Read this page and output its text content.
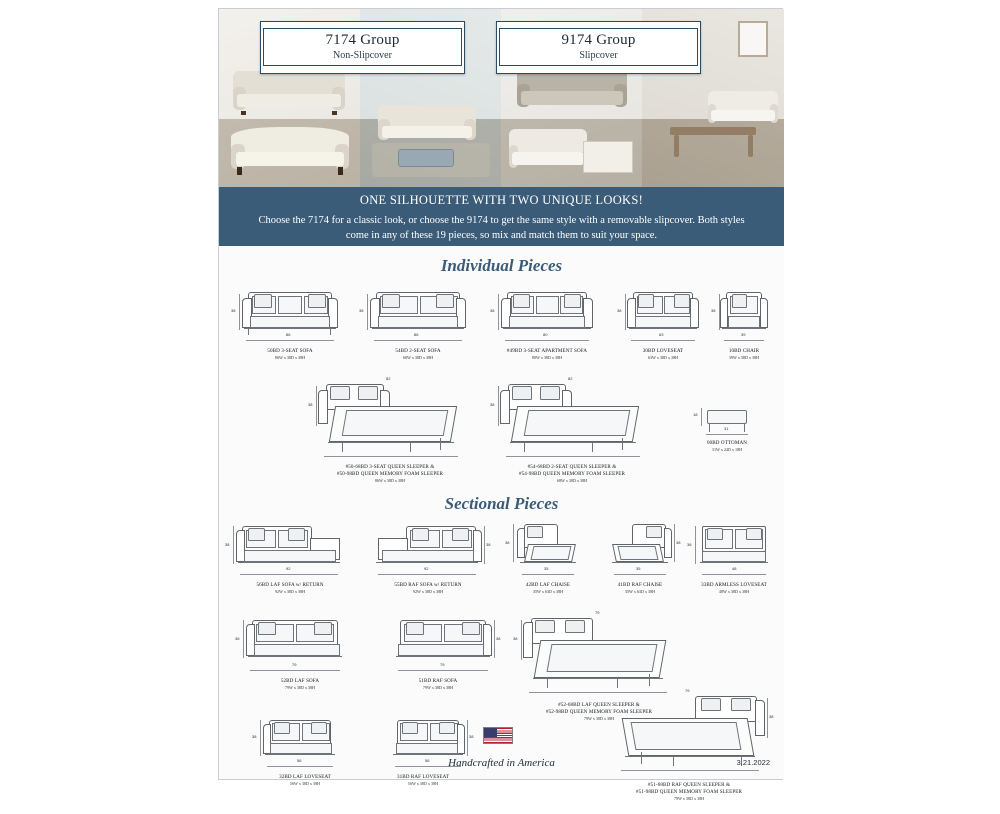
7174 Group
Non-Slipcover
9174 Group
Slipcover
ONE SILHOUETTE WITH TWO UNIQUE LOOKS!

Choose the 7174 for a classic look, or choose the 9174 to get the same style with a removable slipcover. Both styles come in any of these 19 pieces, so mix and match them to suit your space.

Individual Pieces
86
38
50BD 3-SEAT SOFA
86W x 38D x 38H
86
38
54BD 2-SEAT SOFA
68W x 38D x 38H
80
38
#49BD 3-SEAT APARTMENT SOFA
80W x 38D x 38H
63
38
30BD LOVESEAT
63W x 38D x 38H
39
38
10BD CHAIR
39W x 38D x 38H
82
38
#50-68BD 3-SEAT QUEEN SLEEPER &
#50-98BD QUEEN MEMORY FOAM SLEEPER
86W x 38D x 38H
82
38
#54-68BD 2-SEAT QUEEN SLEEPER &
#54-98BD QUEEN MEMORY FOAM SLEEPER
68W x 38D x 38H
31
18
00BD OTTOMAN
31W x 24D x 18H
Sectional Pieces
92
38
56BD LAF SOFA w/ RETURN
92W x 38D x 38H
92
38
55BD RAF SOFA w/ RETURN
92W x 38D x 38H
35
38
42BD LAF CHAISE
35W x 63D x 38H
35
38
41BD RAF CHAISE
35W x 63D x 38H
48
38
33BD ARMLESS LOVESEAT
48W x 38D x 38H
79
38
52BD LAF SOFA
79W x 38D x 38H
79
38
51BD RAF SOFA
79W x 38D x 38H
79
38
#52-68BD LAF QUEEN SLEEPER &
#52-98BD QUEEN MEMORY FOAM SLEEPER
79W x 38D x 38H
56
38
32BD LAF LOVESEAT
56W x 38D x 38H
56
38
31BD RAF LOVESEAT
56W x 38D x 38H
79
38
#51-68BD RAF QUEEN SLEEPER &
#51-98BD QUEEN MEMORY FOAM SLEEPER
79W x 38D x 38H
Handcrafted in America	3.21.2022
